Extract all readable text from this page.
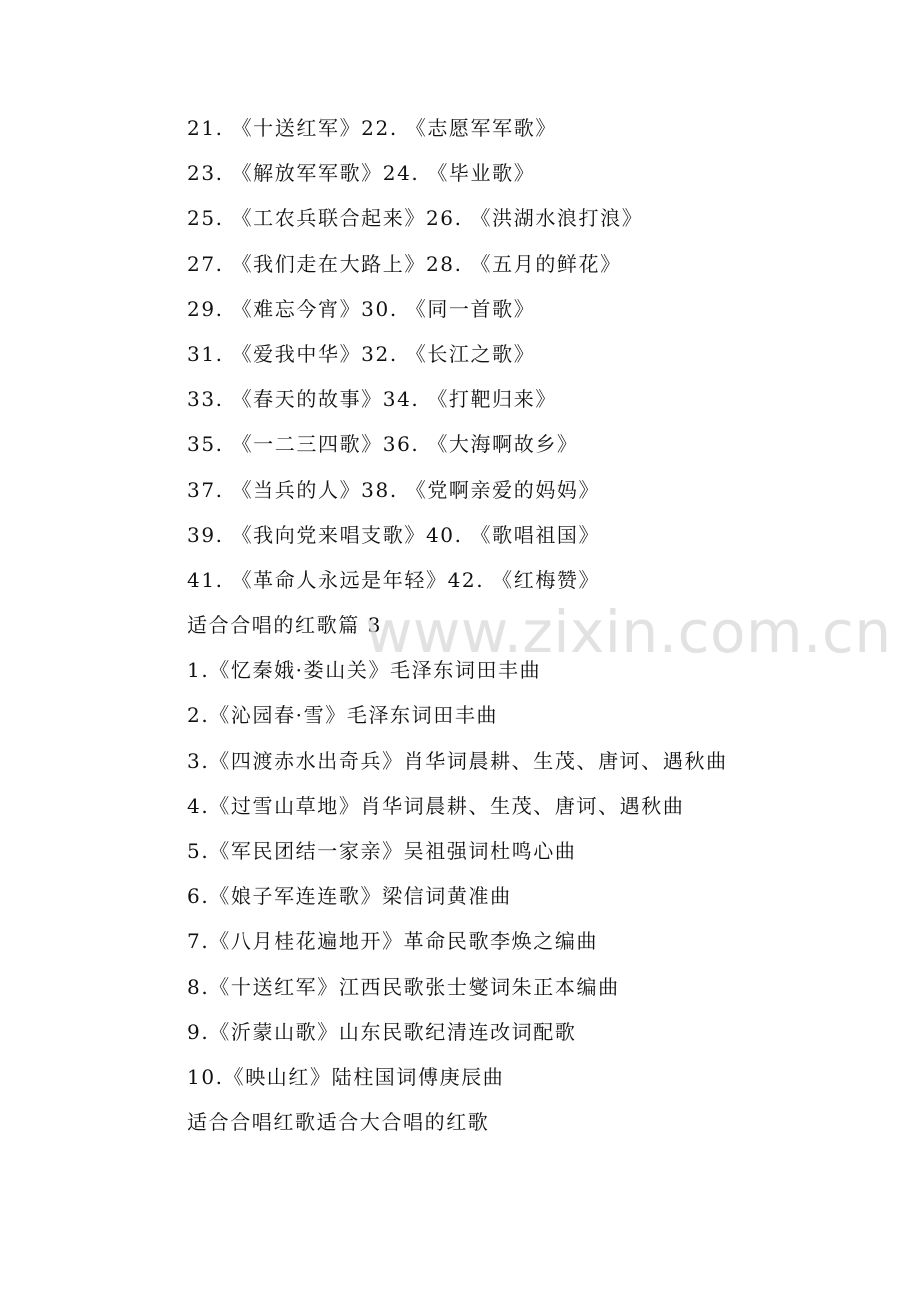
21. 《十送红军》22. 《志愿军军歌》
23. 《解放军军歌》24. 《毕业歌》
25. 《工农兵联合起来》26. 《洪湖水浪打浪》
27. 《我们走在大路上》28. 《五月的鲜花》
29. 《难忘今宵》30. 《同一首歌》
31. 《爱我中华》32. 《长江之歌》
33. 《春天的故事》34. 《打靶归来》
35. 《一二三四歌》36. 《大海啊故乡》
37. 《当兵的人》38. 《党啊亲爱的妈妈》
39. 《我向党来唱支歌》40. 《歌唱祖国》
41. 《革命人永远是年轻》42. 《红梅赞》
适合合唱的红歌篇 3
1.《忆秦娥·娄山关》毛泽东词田丰曲
2.《沁园春·雪》毛泽东词田丰曲
3.《四渡赤水出奇兵》肖华词晨耕、生茂、唐诃、遇秋曲
4.《过雪山草地》肖华词晨耕、生茂、唐诃、遇秋曲
5.《军民团结一家亲》吴祖强词杜鸣心曲
6.《娘子军连连歌》梁信词黄准曲
7.《八月桂花遍地开》革命民歌李焕之编曲
8.《十送红军》江西民歌张士燮词朱正本编曲
9.《沂蒙山歌》山东民歌纪清连改词配歌
10.《映山红》陆柱国词傅庚辰曲
适合合唱红歌适合大合唱的红歌
www.zixin.com.cn
